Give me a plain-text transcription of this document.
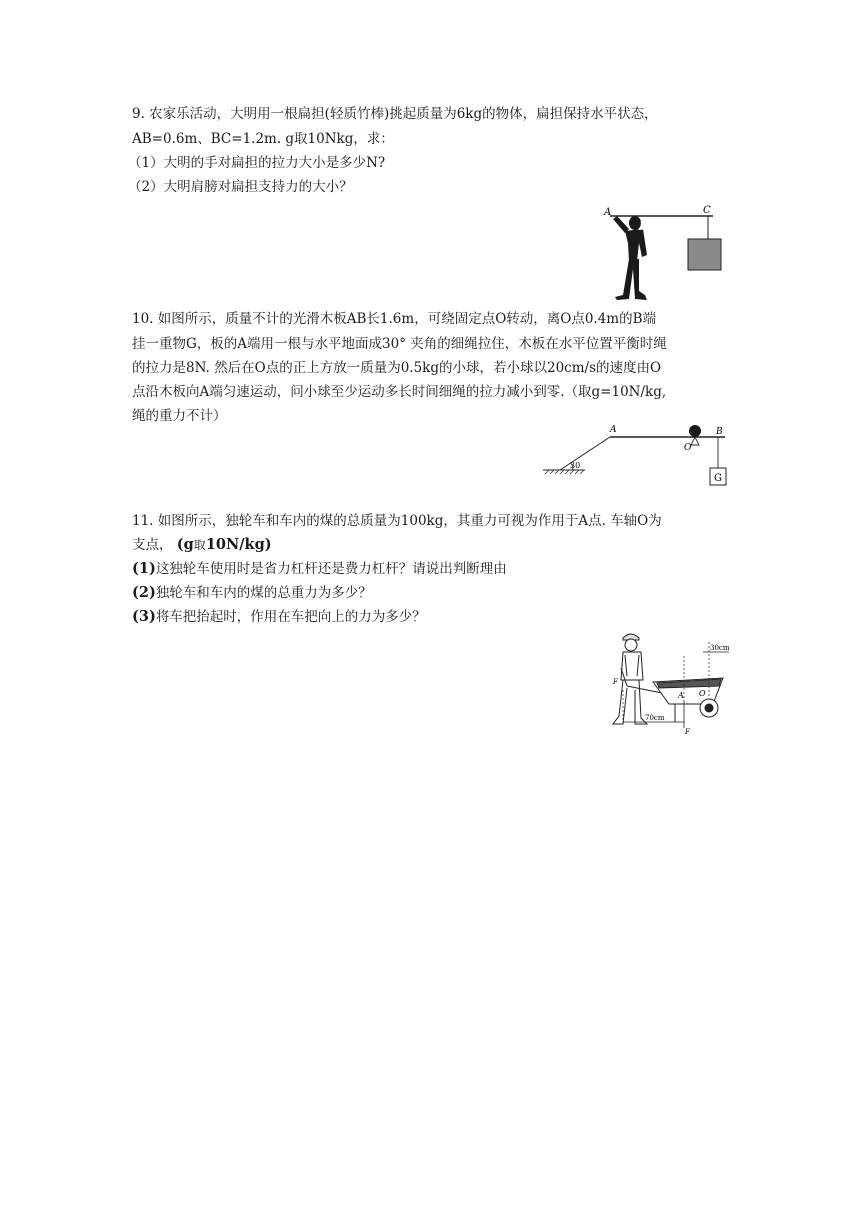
9. 农家乐活动，大明用一根扁担(轻质竹棒)挑起质量为6kg的物体，扁担保持水平状态，
AB=0.6m、BC=1.2m. g取10Nkg，求：
（1）大明的手对扁担的拉力大小是多少N?
（2）大明肩膀对扁担支持力的大小？
A
B
C
10. 如图所示，质量不计的光滑木板AB长1.6m，可绕固定点O转动，离O点0.4m的B端
挂一重物G，板的A端用一根与水平地面成30° 夹角的细绳拉住，木板在水平位置平衡时绳
的拉力是8N. 然后在O点的正上方放一质量为0.5kg的小球，若小球以20cm/s的速度由O
点沿木板向A端匀速运动，问小球至少运动多长时间细绳的拉力减小到零.（取g=10N/kg,
绳的重力不计）
30
G
A
O
B
11. 如图所示，独轮车和车内的煤的总质量为100kg，其重力可视为作用于A点. 车轴O为
支点， (g取10N/kg)
(1)这独轮车使用时是省力杠杆还是费力杠杆？请说出判断理由
(2)独轮车和车内的煤的总重力为多少？
(3)将车把抬起时，作用在车把向上的力为多少？
30cm
70cm
A O
F
F
